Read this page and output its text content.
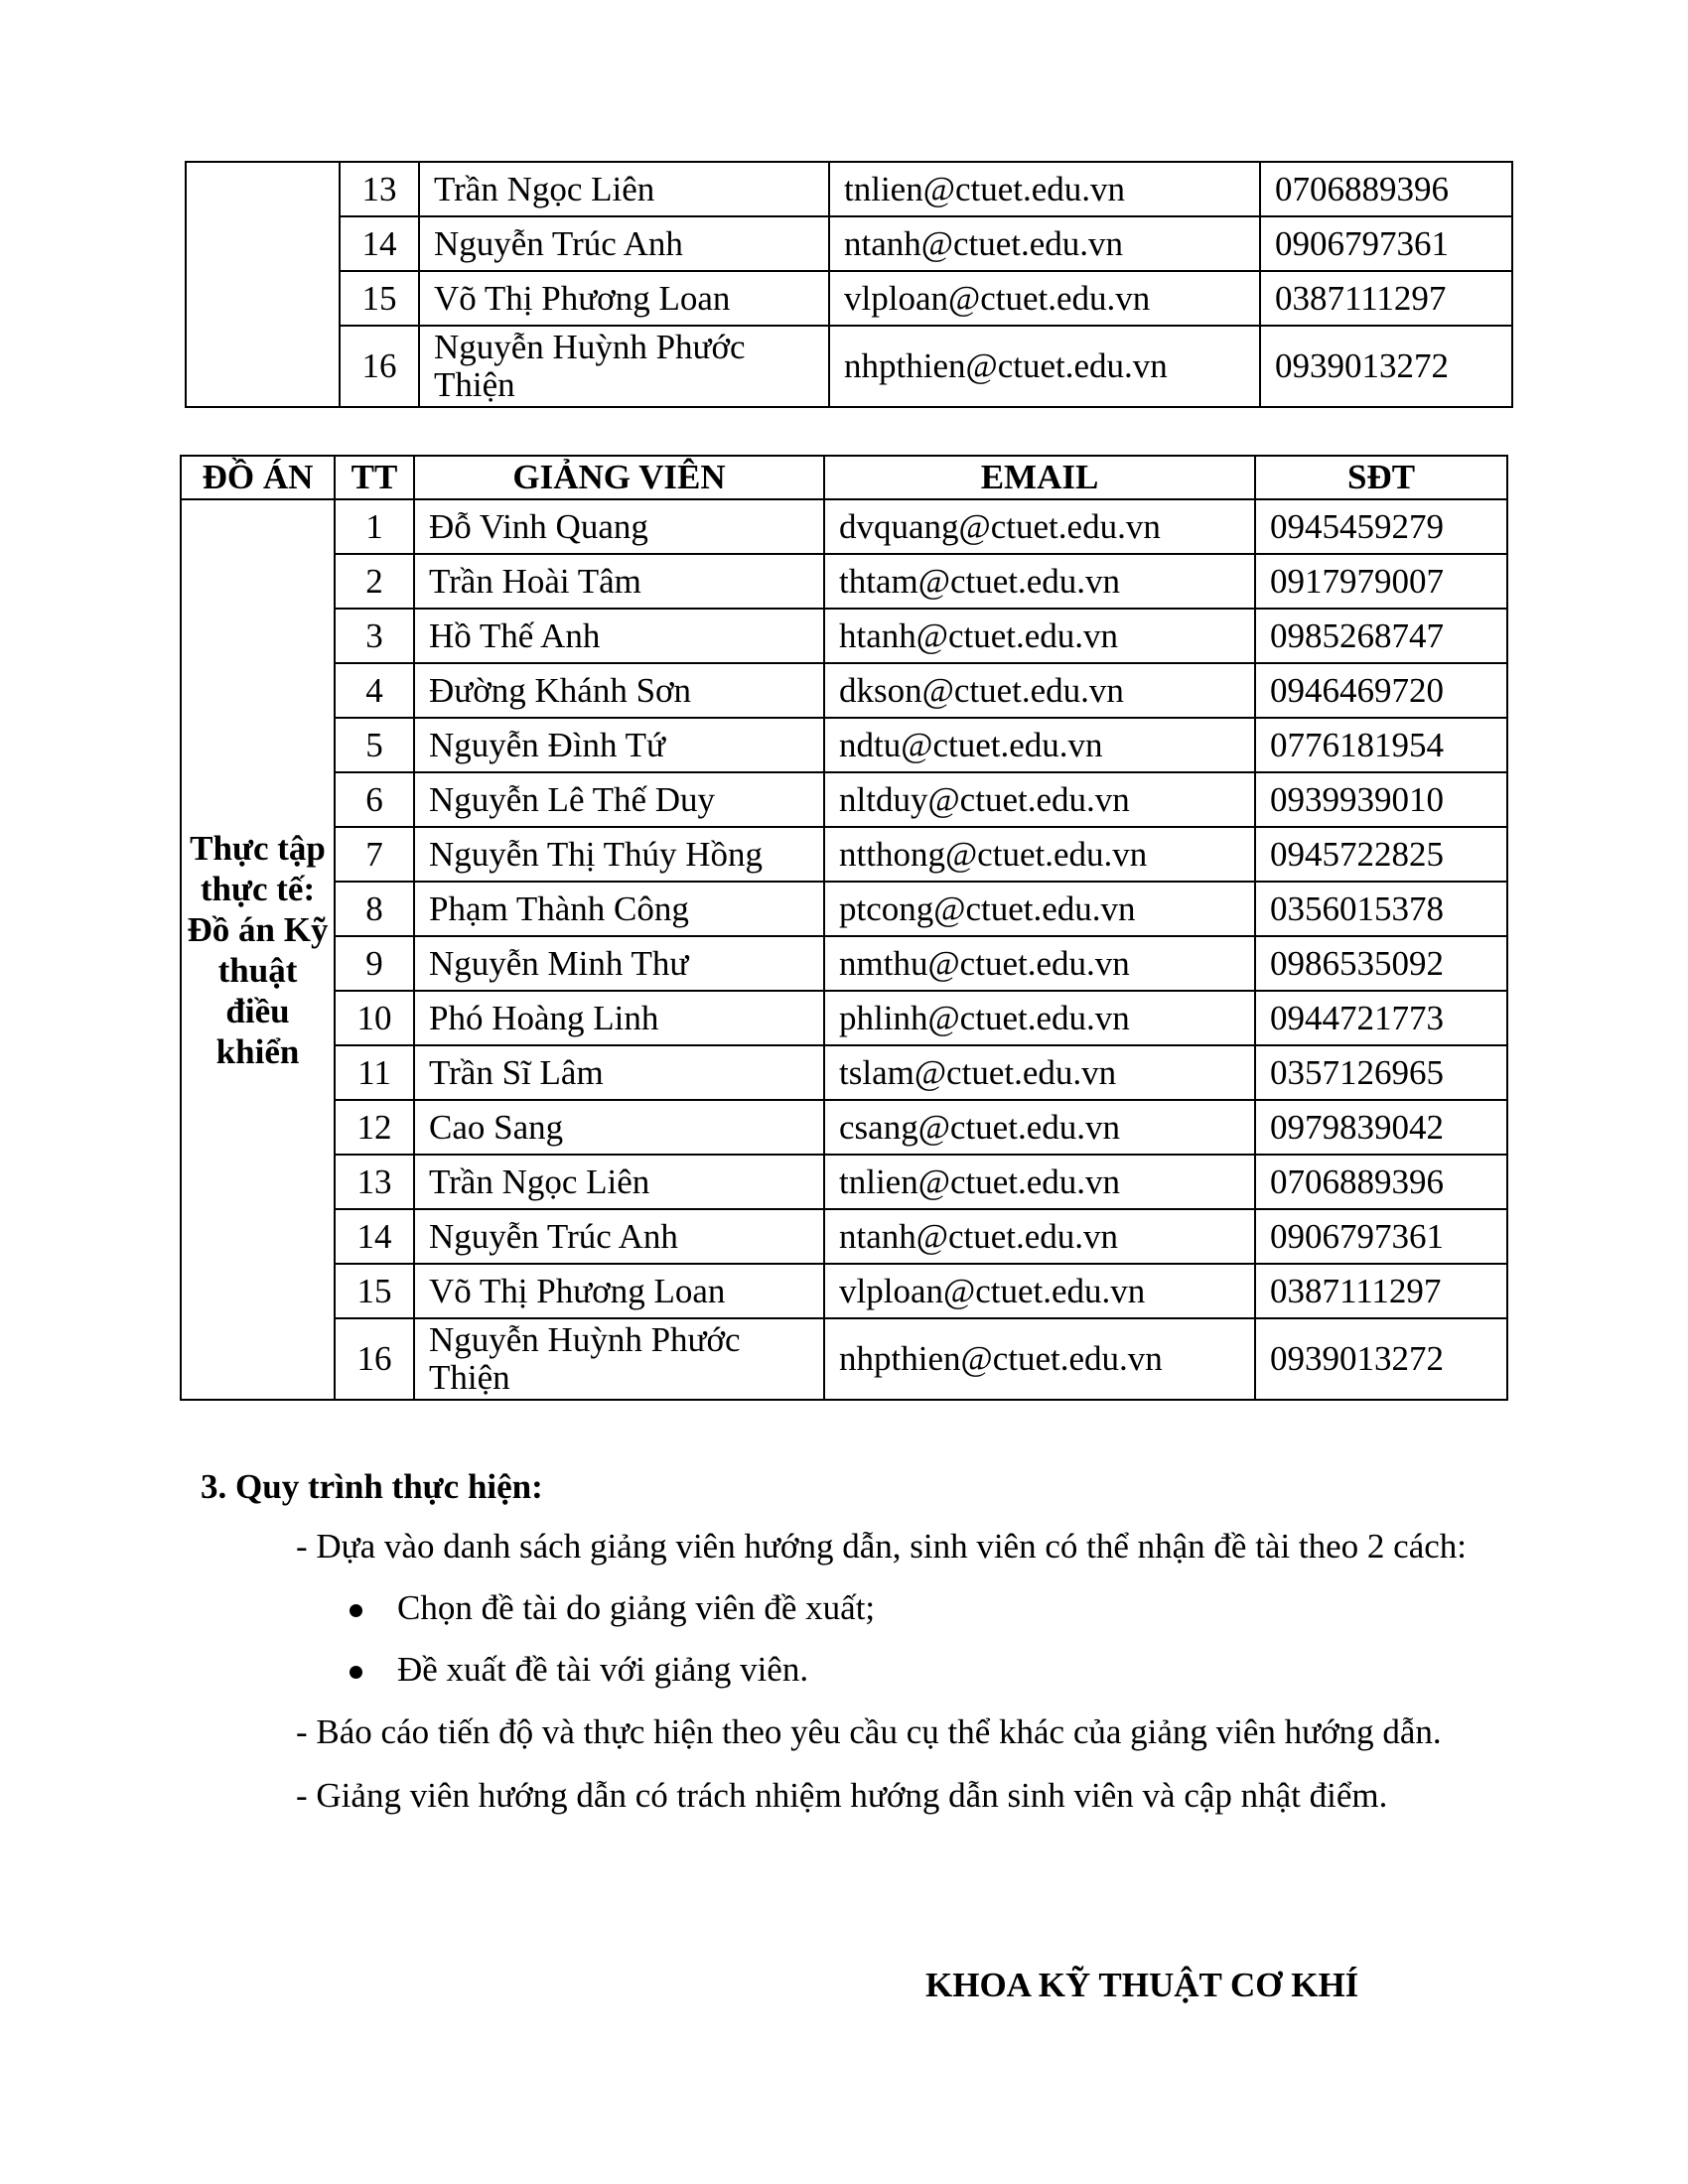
	13	Trần Ngọc Liên	tnlien@ctuet.edu.vn	0706889396
	14	Nguyễn Trúc Anh	ntanh@ctuet.edu.vn	0906797361
	15	Võ Thị Phương Loan	vlploan@ctuet.edu.vn	0387111297
	16	Nguyễn Huỳnh Phước Thiện	nhpthien@ctuet.edu.vn	0939013272
ĐỒ ÁN	TT	GIẢNG VIÊN	EMAIL	SĐT
Thực tập thực tế: Đồ án Kỹ thuật điều khiển	1	Đỗ Vinh Quang	dvquang@ctuet.edu.vn	0945459279
	2	Trần Hoài Tâm	thtam@ctuet.edu.vn	0917979007
	3	Hồ Thế Anh	htanh@ctuet.edu.vn	0985268747
	4	Đường Khánh Sơn	dkson@ctuet.edu.vn	0946469720
	5	Nguyễn Đình Tứ	ndtu@ctuet.edu.vn	0776181954
	6	Nguyễn Lê Thế Duy	nltduy@ctuet.edu.vn	0939939010
	7	Nguyễn Thị Thúy Hồng	ntthong@ctuet.edu.vn	0945722825
	8	Phạm Thành Công	ptcong@ctuet.edu.vn	0356015378
	9	Nguyễn Minh Thư	nmthu@ctuet.edu.vn	0986535092
	10	Phó Hoàng Linh	phlinh@ctuet.edu.vn	0944721773
	11	Trần Sĩ Lâm	tslam@ctuet.edu.vn	0357126965
	12	Cao Sang	csang@ctuet.edu.vn	0979839042
	13	Trần Ngọc Liên	tnlien@ctuet.edu.vn	0706889396
	14	Nguyễn Trúc Anh	ntanh@ctuet.edu.vn	0906797361
	15	Võ Thị Phương Loan	vlploan@ctuet.edu.vn	0387111297
	16	Nguyễn Huỳnh Phước Thiện	nhpthien@ctuet.edu.vn	0939013272
3. Quy trình thực hiện:
- Dựa vào danh sách giảng viên hướng dẫn, sinh viên có thể nhận đề tài theo 2 cách:
Chọn đề tài do giảng viên đề xuất;
Đề xuất đề tài với giảng viên.
- Báo cáo tiến độ và thực hiện theo yêu cầu cụ thể khác của giảng viên hướng dẫn.
- Giảng viên hướng dẫn có trách nhiệm hướng dẫn sinh viên và cập nhật điểm.
KHOA KỸ THUẬT CƠ KHÍ
